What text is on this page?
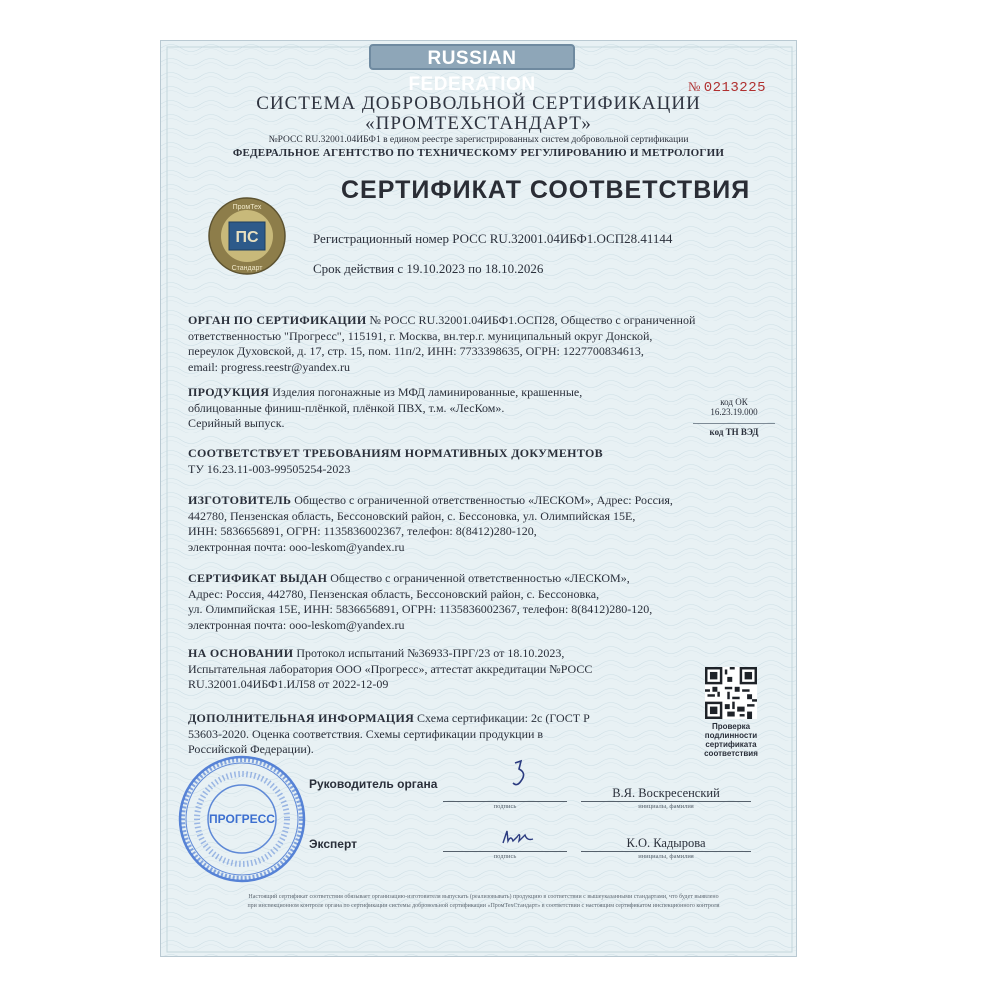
RUSSIAN FEDERATION	№ 0213225
СИСТЕМА ДОБРОВОЛЬНОЙ СЕРТИФИКАЦИИ
«ПРОМТЕХСТАНДАРТ»
№РОСС RU.32001.04ИБФ1 в едином реестре зарегистрированных систем добровольной сертификации
ФЕДЕРАЛЬНОЕ АГЕНТСТВО ПО ТЕХНИЧЕСКОМУ РЕГУЛИРОВАНИЮ И МЕТРОЛОГИИ
СЕРТИФИКАТ СООТВЕТСТВИЯ
ПС
ПромТех
Стандарт
Регистрационный номер РОСС RU.32001.04ИБФ1.ОСП28.41144
Срок действия с 19.10.2023 по 18.10.2026
ОРГАН ПО СЕРТИФИКАЦИИ № РОСС RU.32001.04ИБФ1.ОСП28, Общество с ограниченной
ответственностью "Прогресс", 115191, г. Москва, вн.тер.г. муниципальный округ Донской,
переулок Духовской, д. 17, стр. 15, пом. 11п/2, ИНН: 7733398635, ОГРН: 1227700834613,
email: progress.reestr@yandex.ru
ПРОДУКЦИЯ Изделия погонажные из МФД ламинированные, крашенные,
облицованные финиш-плёнкой, плёнкой ПВХ, т.м. «ЛесКом».
Серийный выпуск.
код ОК
16.23.19.000
код ТН ВЭД
СООТВЕТСТВУЕТ ТРЕБОВАНИЯМ НОРМАТИВНЫХ ДОКУМЕНТОВ
ТУ 16.23.11-003-99505254-2023
ИЗГОТОВИТЕЛЬ Общество с ограниченной ответственностью «ЛЕСКОМ», Адрес: Россия,
442780, Пензенская область, Бессоновский район, с. Бессоновка, ул. Олимпийская 15Е,
ИНН: 5836656891, ОГРН: 1135836002367, телефон: 8(8412)280-120,
электронная почта: ooo-leskom@yandex.ru
СЕРТИФИКАТ ВЫДАН Общество с ограниченной ответственностью «ЛЕСКОМ»,
Адрес: Россия, 442780, Пензенская область, Бессоновский район, с. Бессоновка,
ул. Олимпийская 15Е, ИНН: 5836656891, ОГРН: 1135836002367, телефон: 8(8412)280-120,
электронная почта: ooo-leskom@yandex.ru
НА ОСНОВАНИИ Протокол испытаний №36933-ПРГ/23 от 18.10.2023,
Испытательная лаборатория ООО «Прогресс», аттестат аккредитации №РОСС
RU.32001.04ИБФ1.ИЛ58 от 2022-12-09
ДОПОЛНИТЕЛЬНАЯ ИНФОРМАЦИЯ Схема сертификации: 2с (ГОСТ Р
53603-2020. Оценка соответствия. Схемы сертификации продукции в
Российской Федерации).
Проверка
подлинности
сертификата
соответствия
ПРОГРЕСС
Руководитель органа
подпись
В.Я. Воскресенский
инициалы, фамилия
Эксперт
подпись
К.О. Кадырова
инициалы, фамилия
Настоящий сертификат соответствия обязывает организацию-изготовителя выпускать (реализовывать) продукцию в соответствии с вышеуказанными стандартами, что будет выявлено
при инспекционном контроле органа по сертификации системы добровольной сертификации «ПромТехСтандарт» в соответствии с настоящим сертификатом инспекционного контроля
